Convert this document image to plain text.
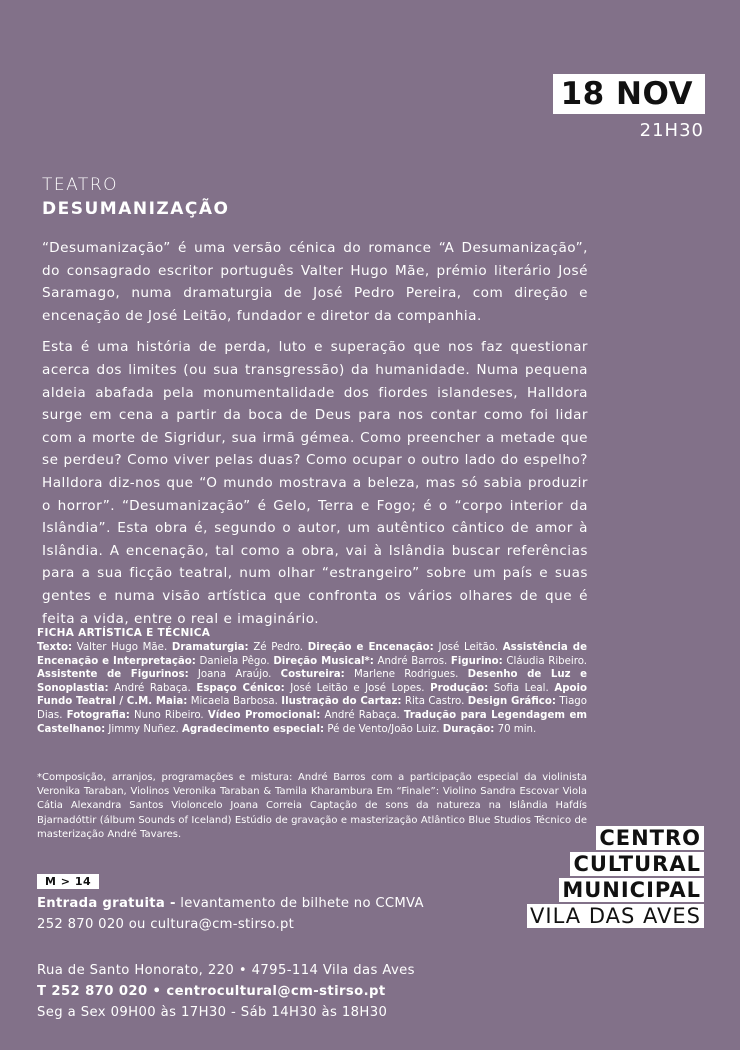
18 NOV
21H30
TEATRO
DESUMANIZAÇÃO

“Desumanização” é uma versão cénica do romance “A Desumanização”, do consagrado escritor português Valter Hugo Mãe, prémio literário José Saramago, numa dramaturgia de José Pedro Pereira, com direção e encenação de José Leitão, fundador e diretor da companhia.

Esta é uma história de perda, luto e superação que nos faz questionar acerca dos limites (ou sua transgressão) da humanidade. Numa pequena aldeia abafada pela monumentalidade dos fiordes islandeses, Halldora surge em cena a partir da boca de Deus para nos contar como foi lidar com a morte de Sigridur, sua irmã gémea. Como preencher a metade que se perdeu? Como viver pelas duas? Como ocupar o outro lado do espelho? Halldora diz-nos que “O mundo mostrava a beleza, mas só sabia produzir o horror”. “Desumanização” é Gelo, Terra e Fogo; é o “corpo interior da Islândia”. Esta obra é, segundo o autor, um autêntico cântico de amor à Islândia. A encenação, tal como a obra, vai à Islândia buscar referências para a sua ficção teatral, num olhar “estrangeiro” sobre um país e suas gentes e numa visão artística que confronta os vários olhares de que é feita a vida, entre o real e imaginário.

FICHA ARTÍSTICA E TÉCNICA
Texto: Valter Hugo Mãe. Dramaturgia: Zé Pedro. Direção e Encenação: José Leitão. Assistência de Encenação e Interpretação: Daniela Pêgo. Direção Musical*: André Barros. Figurino: Cláudia Ribeiro. Assistente de Figurinos: Joana Araújo. Costureira: Marlene Rodrigues. Desenho de Luz e Sonoplastia: André Rabaça. Espaço Cénico: José Leitão e José Lopes. Produção: Sofia Leal. Apoio Fundo Teatral / C.M. Maia: Micaela Barbosa. Ilustração do Cartaz: Rita Castro. Design Gráfico: Tiago Dias. Fotografia: Nuno Ribeiro. Vídeo Promocional: André Rabaça. Tradução para Legendagem em Castelhano: Jimmy Nuñez. Agradecimento especial: Pé de Vento/João Luiz. Duração: 70 min.
*Composição, arranjos, programações e mistura: André Barros com a participação especial da violinista Veronika Taraban, Violinos Veronika Taraban & Tamila Kharambura Em “Finale”: Violino Sandra Escovar Viola Cátia Alexandra Santos Violoncelo Joana Correia Captação de sons da natureza na Islândia Hafdís Bjarnadóttir (álbum Sounds of Iceland) Estúdio de gravação e masterização Atlântico Blue Studios Técnico de masterização André Tavares.
M > 14
Entrada gratuita - levantamento de bilhete no CCMVA
252 870 020 ou cultura@cm-stirso.pt
CENTRO
CULTURAL
MUNICIPAL
VILA DAS AVES
Rua de Santo Honorato, 220 • 4795-114 Vila das Aves
T 252 870 020 • centrocultural@cm-stirso.pt
Seg a Sex 09H00 às 17H30 - Sáb 14H30 às 18H30
